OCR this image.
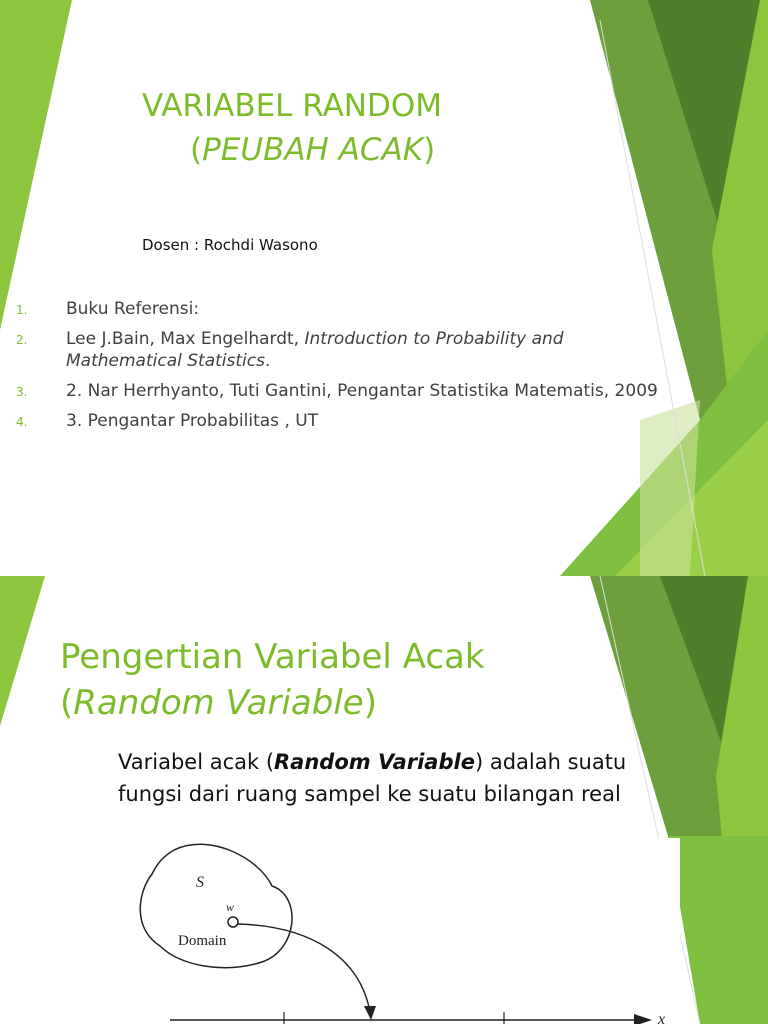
VARIABEL RANDOM
(PEUBAH ACAK)
Dosen : Rochdi Wasono
1. Buku Referensi:
2. Lee J.Bain, Max Engelhardt, Introduction to Probability and Mathematical Statistics.
3. 2. Nar Herrhyanto, Tuti Gantini, Pengantar Statistika Matematis, 2009
4. 3. Pengantar Probabilitas , UT
Pengertian Variabel Acak
(Random Variable)
Variabel acak (Random Variable) adalah suatu fungsi dari ruang sampel ke suatu bilangan real
S
w
Domain
x
